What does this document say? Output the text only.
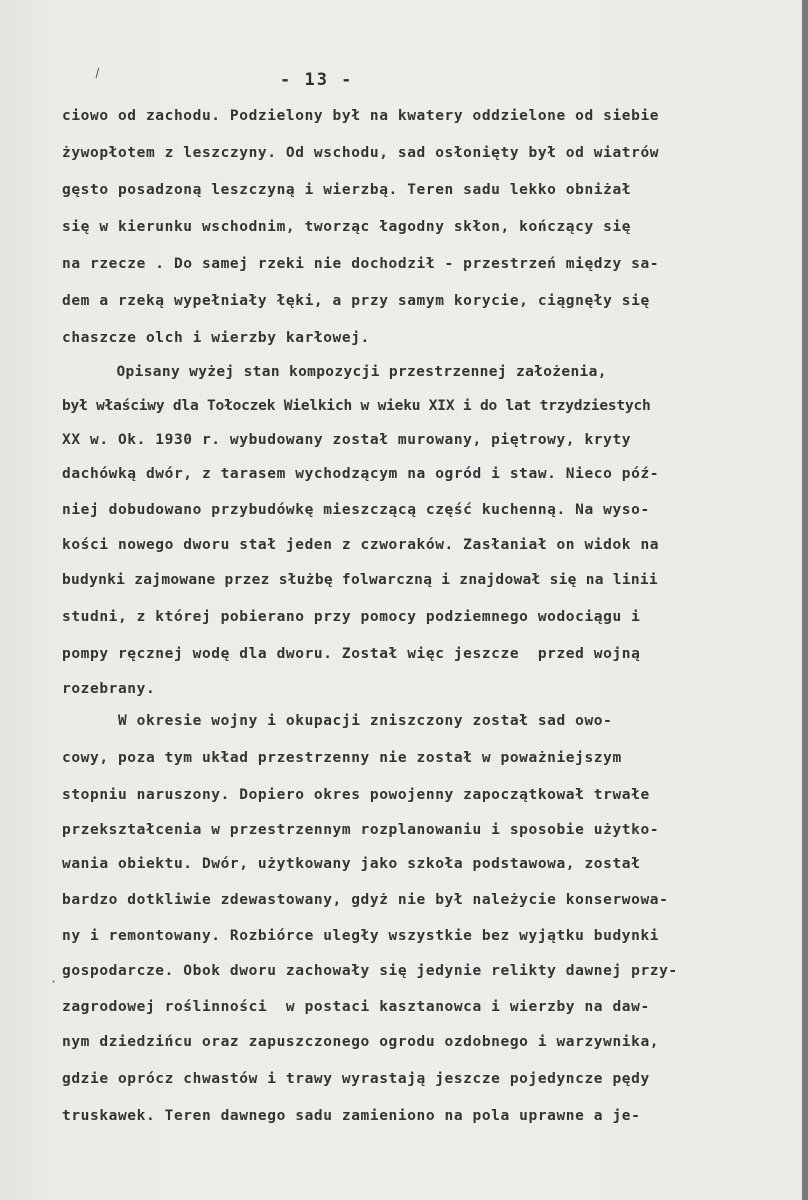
\
·
- 13 -
ciowo od zachodu. Podzielony był na kwatery oddzielone od siebie
żywopłotem z leszczyny. Od wschodu, sad osłonięty był od wiatrów
gęsto posadzoną leszczyną i wierzbą. Teren sadu lekko obniżał
się w kierunku wschodnim, tworząc łagodny skłon, kończący się
na rzecze . Do samej rzeki nie dochodził - przestrzeń między sa-
dem a rzeką wypełniały łęki, a przy samym korycie, ciągnęły się
chaszcze olch i wierzby karłowej.
Opisany wyżej stan kompozycji przestrzennej założenia,
był właściwy dla Tołoczek Wielkich w wieku XIX i do lat trzydziestych
XX w. Ok. 1930 r. wybudowany został murowany, piętrowy, kryty
dachówką dwór, z tarasem wychodzącym na ogród i staw. Nieco póź-
niej dobudowano przybudówkę mieszczącą część kuchenną. Na wyso-
kości nowego dworu stał jeden z czworaków. Zasłaniał on widok na
budynki zajmowane przez służbę folwarczną i znajdował się na linii
studni, z której pobierano przy pomocy podziemnego wodociągu i
pompy ręcznej wodę dla dworu. Został więc jeszcze  przed wojną
rozebrany.
W okresie wojny i okupacji zniszczony został sad owo-
cowy, poza tym układ przestrzenny nie został w poważniejszym
stopniu naruszony. Dopiero okres powojenny zapoczątkował trwałe
przekształcenia w przestrzennym rozplanowaniu i sposobie użytko-
wania obiektu. Dwór, użytkowany jako szkoła podstawowa, został
bardzo dotkliwie zdewastowany, gdyż nie był należycie konserwowa-
ny i remontowany. Rozbiórce uległy wszystkie bez wyjątku budynki
gospodarcze. Obok dworu zachowały się jedynie relikty dawnej przy-
zagrodowej roślinności  w postaci kasztanowca i wierzby na daw-
nym dziedzińcu oraz zapuszczonego ogrodu ozdobnego i warzywnika,
gdzie oprócz chwastów i trawy wyrastają jeszcze pojedyncze pędy
truskawek. Teren dawnego sadu zamieniono na pola uprawne a je-
